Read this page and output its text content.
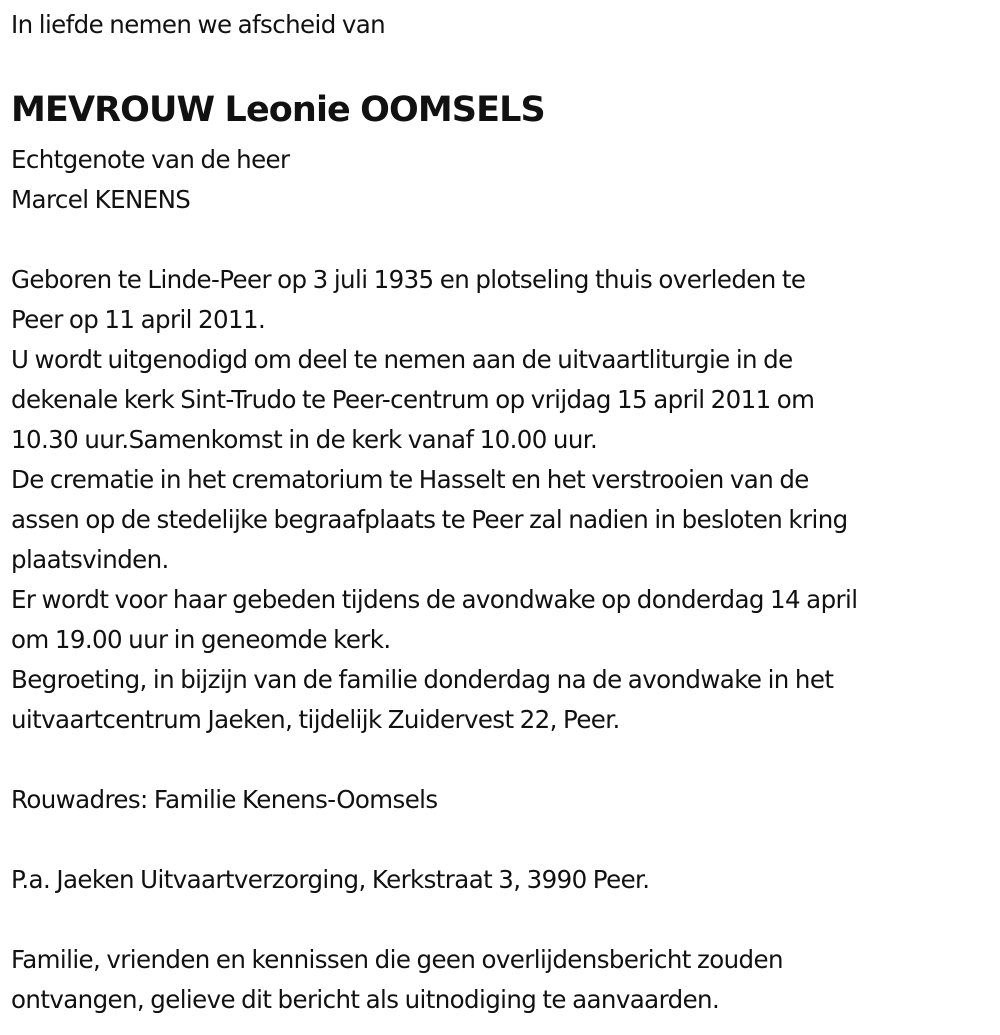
In liefde nemen we afscheid van
MEVROUW Leonie OOMSELS
Echtgenote van de heer
Marcel KENENS
Geboren te Linde-Peer op 3 juli 1935 en plotseling thuis overleden te
Peer op 11 april 2011.
U wordt uitgenodigd om deel te nemen aan de uitvaartliturgie in de
dekenale kerk Sint-Trudo te Peer-centrum op vrijdag 15 april 2011 om
10.30 uur.Samenkomst in de kerk vanaf 10.00 uur.
De crematie in het crematorium te Hasselt en het verstrooien van de
assen op de stedelijke begraafplaats te Peer zal nadien in besloten kring
plaatsvinden.
Er wordt voor haar gebeden tijdens de avondwake op donderdag 14 april
om 19.00 uur in geneomde kerk.
Begroeting, in bijzijn van de familie donderdag na de avondwake in het
uitvaartcentrum Jaeken, tijdelijk Zuidervest 22, Peer.
Rouwadres: Familie Kenens-Oomsels
P.a. Jaeken Uitvaartverzorging, Kerkstraat 3, 3990 Peer.
Familie, vrienden en kennissen die geen overlijdensbericht zouden
ontvangen, gelieve dit bericht als uitnodiging te aanvaarden.
